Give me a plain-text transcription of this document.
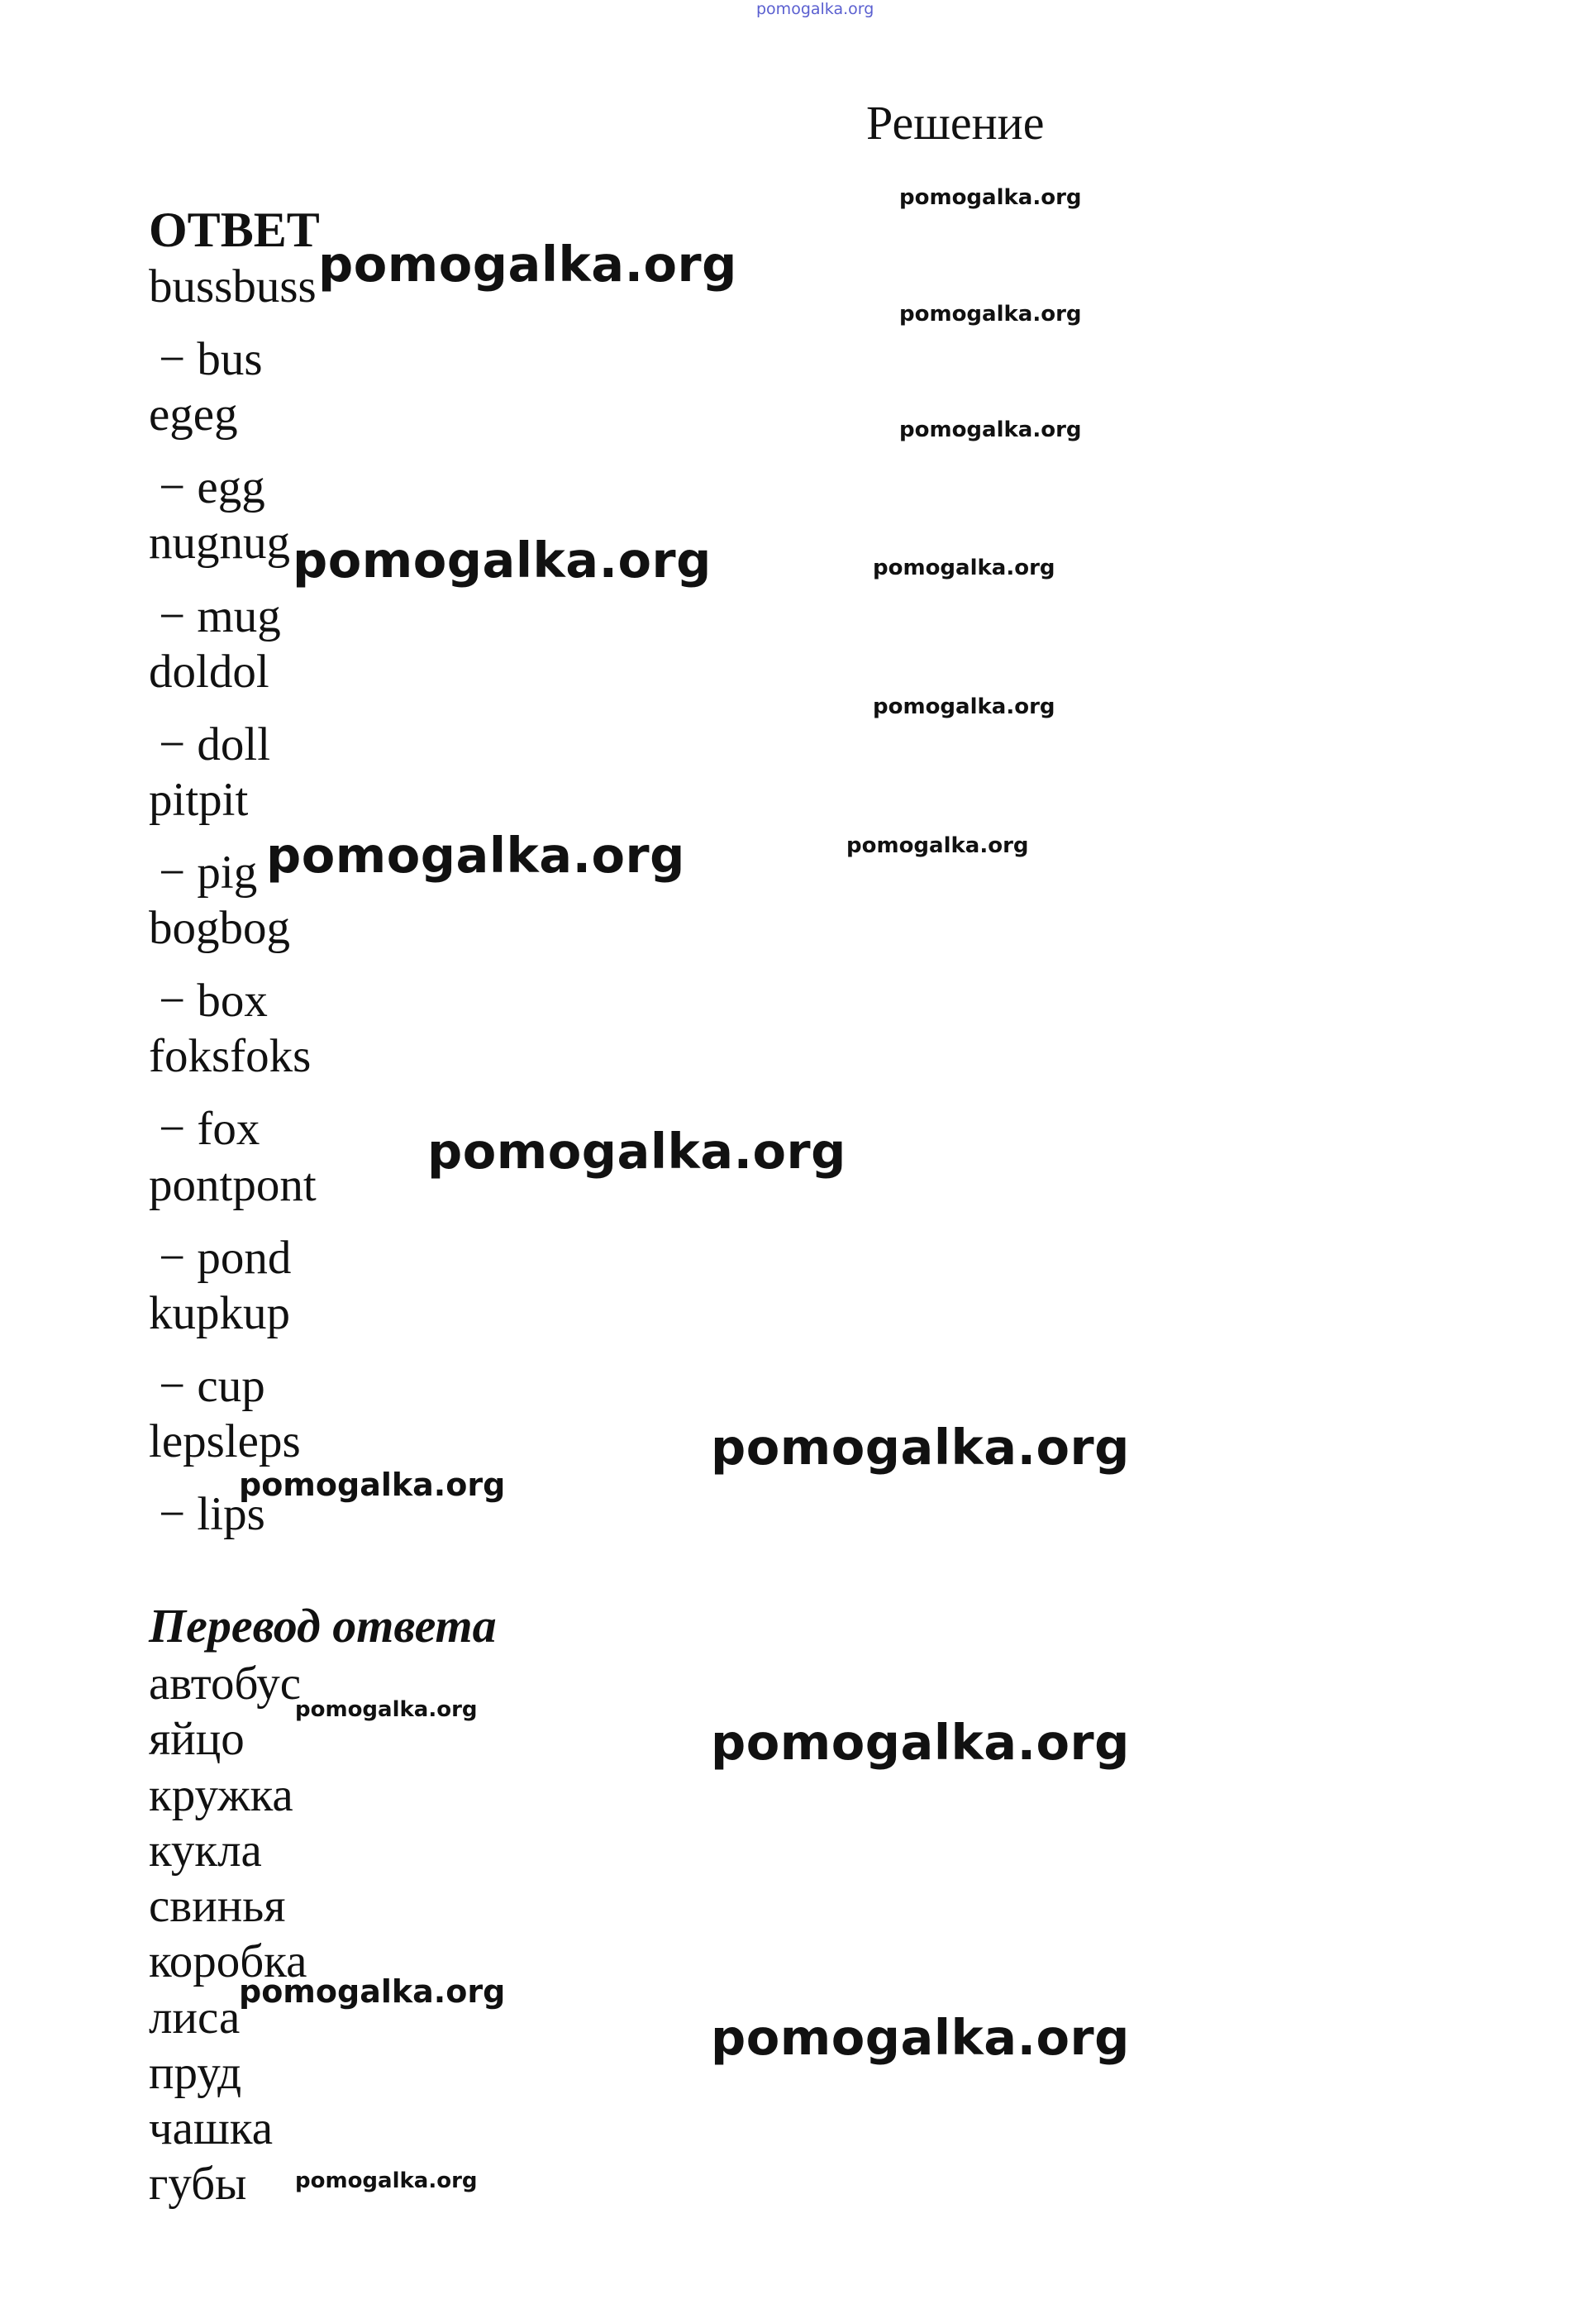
pomogalka.org
Решение
ОТВЕТ
bussbuss
− bus
egeg
− egg
nugnug
− mug
doldol
− doll
pitpit
− pig
bogbog
− box
foksfoks
− fox
pontpont
− pond
kupkup
− cup
lepsleps
− lips
Перевод ответа
автобус
яйцо
кружка
кукла
свинья
коробка
лиса
пруд
чашка
губы
pomogalka.org
pomogalka.org
pomogalka.org
pomogalka.org
pomogalka.org	pomogalka.org
pomogalka.org
pomogalka.org	pomogalka.org
pomogalka.org
pomogalka.org
pomogalka.org
pomogalka.org
pomogalka.org
pomogalka.org
pomogalka.org
pomogalka.org
